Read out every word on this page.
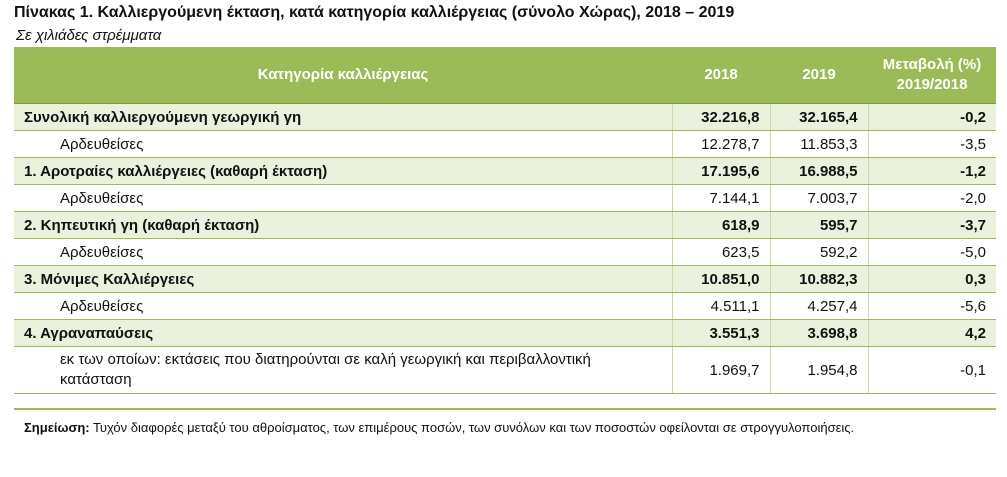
Πίνακας 1. Καλλιεργούμενη έκταση, κατά κατηγορία καλλιέργειας (σύνολο Χώρας), 2018 – 2019
Σε χιλιάδες στρέμματα
Κατηγορία καλλιέργειας	2018	2019	Μεταβολή (%)
2019/2018

Συνολική καλλιεργούμενη γεωργική γη	32.216,8	32.165,4	-0,2
Αρδευθείσες	12.278,7	11.853,3	-3,5
1. Αροτραίες καλλιέργειες (καθαρή έκταση)	17.195,6	16.988,5	-1,2
Αρδευθείσες	7.144,1	7.003,7	-2,0
2. Κηπευτική γη (καθαρή έκταση)	618,9	595,7	-3,7
Αρδευθείσες	623,5	592,2	-5,0
3. Μόνιμες Καλλιέργειες	10.851,0	10.882,3	0,3
Αρδευθείσες	4.511,1	4.257,4	-5,6
4. Αγραναπαύσεις	3.551,3	3.698,8	4,2
εκ των οποίων: εκτάσεις που διατηρούνται σε καλή γεωργική και περιβαλλοντική κατάσταση	1.969,7	1.954,8	-0,1
Σημείωση: Τυχόν διαφορές μεταξύ του αθροίσματος, των επιμέρους ποσών, των συνόλων και των ποσοστών οφείλονται σε στρογγυλοποιήσεις.
